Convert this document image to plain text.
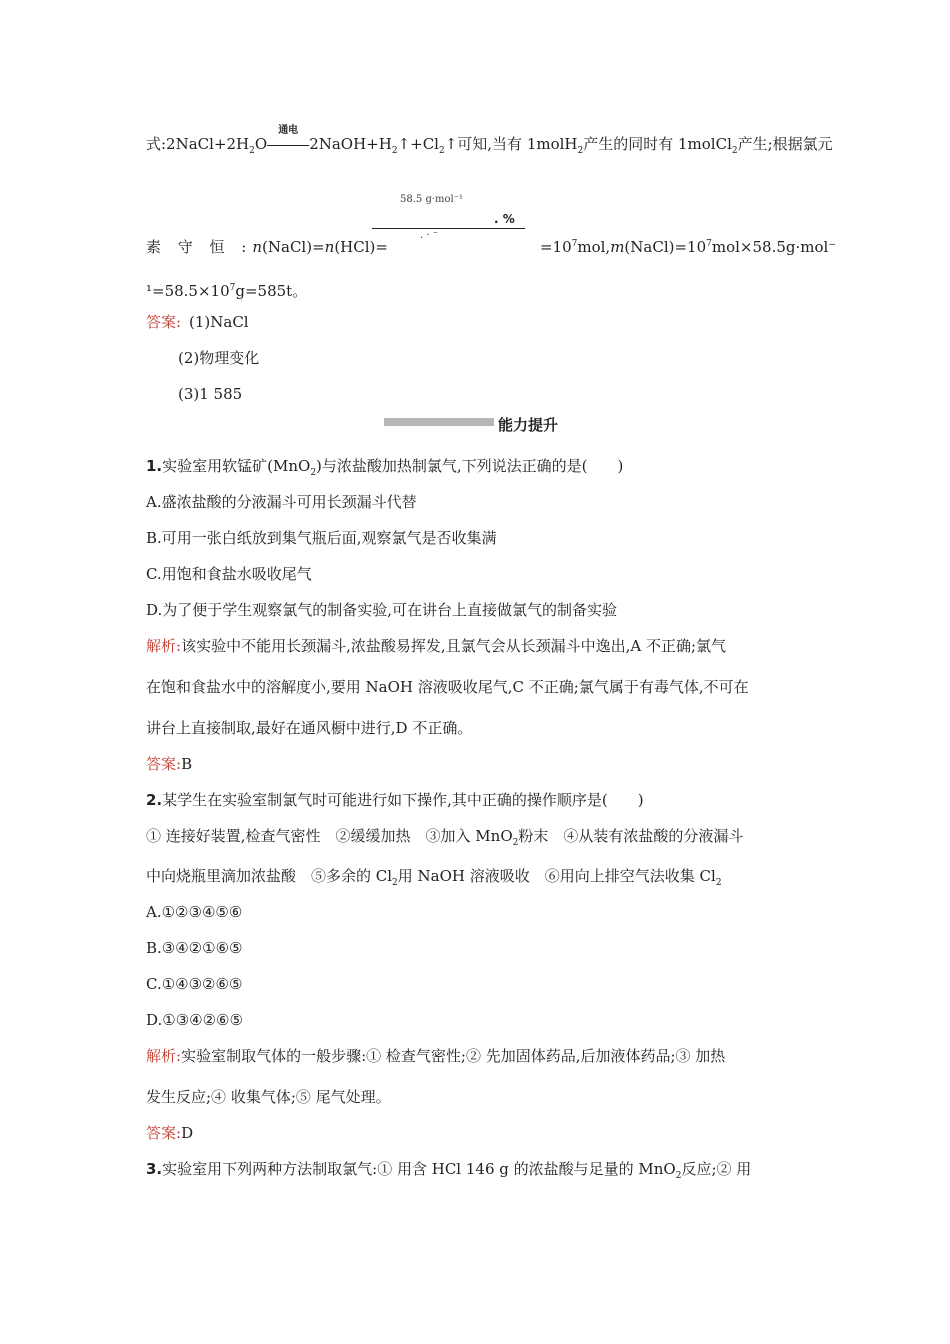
式$:2NaCl+2H_2O$
通电
$2NaOH+H_2↑+Cl_2↑$可知,当有 1molH$_2$产生的同时有 1molCl$_2$产生;根据氯元
58.5 g·mol⁻¹
. %
. · ⁻
素 守 恒 :n(NaCl)=n(HCl)=	$=10^7mol,m(NaCl)=10^7mol\times 58.5g\cdot mol^-$
$^1=58.5\times 10^7g=585t$。
答案: (1)NaCl
(2)物理变化
(3)1 585
能力提升
1.实验室用软锰矿(MnO$_2$)与浓盐酸加热制氯气,下列说法正确的是(　　)
A.盛浓盐酸的分液漏斗可用长颈漏斗代替
B.可用一张白纸放到集气瓶后面,观察氯气是否收集满
C.用饱和食盐水吸收尾气
D.为了便于学生观察氯气的制备实验,可在讲台上直接做氯气的制备实验
解析:该实验中不能用长颈漏斗,浓盐酸易挥发,且氯气会从长颈漏斗中逸出,A 不正确;氯气
在饱和食盐水中的溶解度小,要用 NaOH 溶液吸收尾气,C 不正确;氯气属于有毒气体,不可在
讲台上直接制取,最好在通风橱中进行,D 不正确。
答案:B
2.某学生在实验室制氯气时可能进行如下操作,其中正确的操作顺序是(　　)
① 连接好装置,检查气密性　②缓缓加热　③加入 MnO$_2$粉末　④从装有浓盐酸的分液漏斗
中向烧瓶里滴加浓盐酸　⑤多余的 $Cl_2$用 NaOH 溶液吸收　⑥用向上排空气法收集 $Cl_2$
A.①②③④⑤⑥
B.③④②①⑥⑤
C.①④③②⑥⑤
D.①③④②⑥⑤
解析:实验室制取气体的一般步骤:① 检查气密性;② 先加固体药品,后加液体药品;③ 加热
发生反应;④ 收集气体;⑤ 尾气处理。
答案:D
3.实验室用下列两种方法制取氯气:① 用含 HCl 146 g 的浓盐酸与足量的 MnO$_2$反应;② 用
